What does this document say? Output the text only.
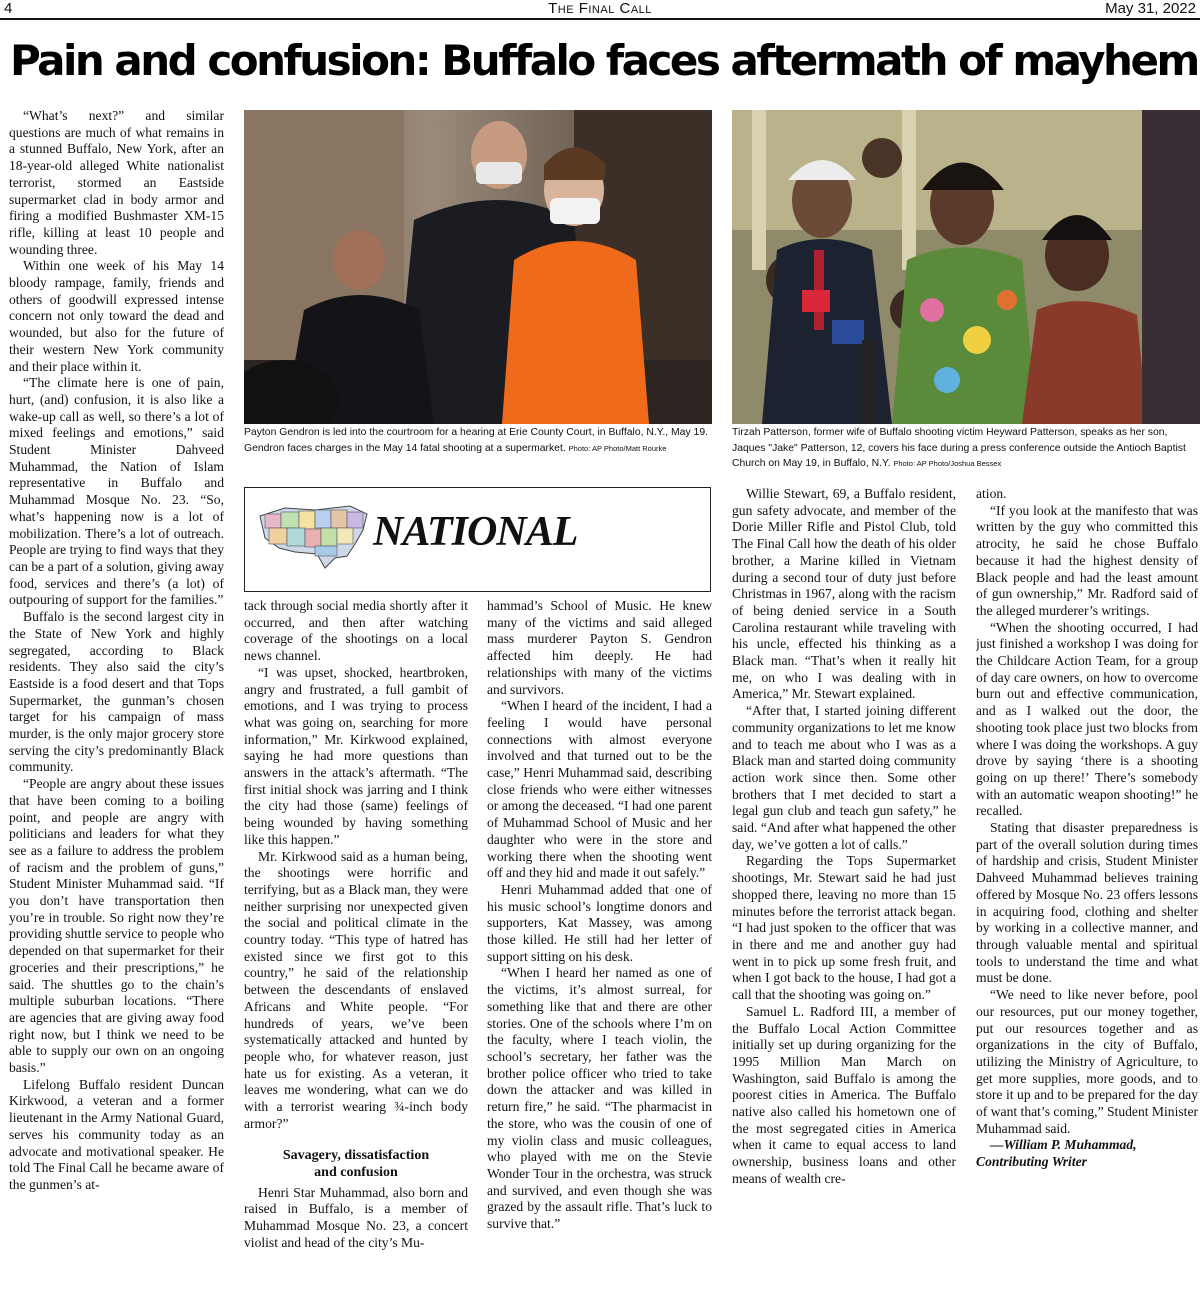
4	The Final Call	May 31, 2022
Pain and confusion: Buffalo faces aftermath of mayhem

“What’s next?” and similar questions are much of what remains in a stunned Buffalo, New York, after an 18-year-old alleged White nationalist terrorist, stormed an Eastside supermarket clad in body armor and firing a modified Bushmaster XM-15 rifle, killing at least 10 people and wounding three.

Within one week of his May 14 bloody rampage, family, friends and others of goodwill expressed intense concern not only toward the dead and wounded, but also for the future of their western New York community and their place within it.

“The climate here is one of pain, hurt, (and) confusion, it is also like a wake-up call as well, so there’s a lot of mixed feelings and emotions,” said Student Minister Dahveed Muhammad, the Nation of Islam representative in Buffalo and Muhammad Mosque No. 23. “So, what’s happening now is a lot of mobilization. There’s a lot of outreach. People are trying to find ways that they can be a part of a solution, giving away food, services and there’s (a lot) of outpouring of support for the families.”

Buffalo is the second largest city in the State of New York and highly segregated, according to Black residents. They also said the city’s Eastside is a food desert and that Tops Supermarket, the gunman’s chosen target for his campaign of mass murder, is the only major grocery store serving the city’s predominantly Black community.

“People are angry about these issues that have been coming to a boiling point, and people are angry with politicians and leaders for what they see as a failure to address the problem of racism and the problem of guns,” Student Minister Muhammad said. “If you don’t have transportation then you’re in trouble. So right now they’re providing shuttle service to people who depended on that supermarket for their groceries and their prescriptions,” he said. The shuttles go to the chain’s multiple suburban locations. “There are agencies that are giving away food right now, but I think we need to be able to supply our own on an ongoing basis.”

Lifelong Buffalo resident Duncan Kirkwood, a veteran and a former lieutenant in the Army National Guard, serves his community today as an advocate and motivational speaker. He told The Final Call he became aware of the gunmen’s at-

Payton Gendron is led into the courtroom for a hearing at Erie County Court, in Buffalo, N.Y., May 19. Gendron faces charges in the May 14 fatal shooting at a supermarket. Photo: AP Photo/Matt Rourke
Tirzah Patterson, former wife of Buffalo shooting victim Heyward Patterson, speaks as her son, Jaques "Jake" Patterson, 12, covers his face during a press conference outside the Antioch Baptist Church on May 19, in Buffalo, N.Y. Photo: AP Photo/Joshua Bessex
NATIONAL

tack through social media shortly after it occurred, and then after watching coverage of the shootings on a local news channel.

“I was upset, shocked, heartbroken, angry and frustrated, a full gambit of emotions, and I was trying to process what was going on, searching for more information,” Mr. Kirkwood explained, saying he had more questions than answers in the attack’s aftermath. “The first initial shock was jarring and I think the city had those (same) feelings of being wounded by having something like this happen.”

Mr. Kirkwood said as a human being, the shootings were horrific and terrifying, but as a Black man, they were neither surprising nor unexpected given the social and political climate in the country today. “This type of hatred has existed since we first got to this country,” he said of the relationship between the descendants of enslaved Africans and White people. “For hundreds of years, we’ve been systematically attacked and hunted by people who, for whatever reason, just hate us for existing. As a veteran, it leaves me wondering, what can we do with a terrorist wearing ¾-inch body armor?”

Savagery, dissatisfaction
and confusion

Henri Star Muhammad, also born and raised in Buffalo, is a member of Muhammad Mosque No. 23, a concert violist and head of the city’s Mu-

hammad’s School of Music. He knew many of the victims and said alleged mass murderer Payton S. Gendron affected him deeply. He had relationships with many of the victims and survivors.

“When I heard of the incident, I had a feeling I would have personal connections with almost everyone involved and that turned out to be the case,” Henri Muhammad said, describing close friends who were either witnesses or among the deceased. “I had one parent of Muhammad School of Music and her daughter who were in the store and working there when the shooting went off and they hid and made it out safely.”

Henri Muhammad added that one of his music school’s longtime donors and supporters, Kat Massey, was among those killed. He still had her letter of support sitting on his desk.

“When I heard her named as one of the victims, it’s almost surreal, for something like that and there are other stories. One of the schools where I’m on the faculty, where I teach violin, the school’s secretary, her father was the brother police officer who tried to take down the attacker and was killed in return fire,” he said. “The pharmacist in the store, who was the cousin of one of my violin class and music colleagues, who played with me on the Stevie Wonder Tour in the orchestra, was struck and survived, and even though she was grazed by the assault rifle. That’s luck to survive that.”

Willie Stewart, 69, a Buffalo resident, gun safety advocate, and member of the Dorie Miller Rifle and Pistol Club, told The Final Call how the death of his older brother, a Marine killed in Vietnam during a second tour of duty just before Christmas in 1967, along with the racism of being denied service in a South Carolina restaurant while traveling with his uncle, effected his thinking as a Black man. “That’s when it really hit me, on who I was dealing with in America,” Mr. Stewart explained.

“After that, I started joining different community organizations to let me know and to teach me about who I was as a Black man and started doing community action work since then. Some other brothers that I met decided to start a legal gun club and teach gun safety,” he said. “And after what happened the other day, we’ve gotten a lot of calls.”

Regarding the Tops Supermarket shootings, Mr. Stewart said he had just shopped there, leaving no more than 15 minutes before the terrorist attack began. “I had just spoken to the officer that was in there and me and another guy had went in to pick up some fresh fruit, and when I got back to the house, I had got a call that the shooting was going on.”

Samuel L. Radford III, a member of the Buffalo Local Action Committee initially set up during organizing for the 1995 Million Man March on Washington, said Buffalo is among the poorest cities in America. The Buffalo native also called his hometown one of the most segregated cities in America when it came to equal access to land ownership, business loans and other means of wealth cre-

ation.

“If you look at the manifesto that was written by the guy who committed this atrocity, he said he chose Buffalo because it had the highest density of Black people and had the least amount of gun ownership,” Mr. Radford said of the alleged murderer’s writings.

“When the shooting occurred, I had just finished a workshop I was doing for the Childcare Action Team, for a group of day care owners, on how to overcome burn out and effective communication, and as I walked out the door, the shooting took place just two blocks from where I was doing the workshops. A guy drove by saying ‘there is a shooting going on up there!’ There’s somebody with an automatic weapon shooting!” he recalled.

Stating that disaster preparedness is part of the overall solution during times of hardship and crisis, Student Minister Dahveed Muhammad believes training offered by Mosque No. 23 offers lessons in acquiring food, clothing and shelter by working in a collective manner, and through valuable mental and spiritual tools to understand the time and what must be done.

“We need to like never before, pool our resources, put our money together, put our resources together and as organizations in the city of Buffalo, utilizing the Ministry of Agriculture, to get more supplies, more goods, and to store it up and to be prepared for the day of want that’s coming,” Student Minister Muhammad said.

—William P. Muhammad,
Contributing Writer
